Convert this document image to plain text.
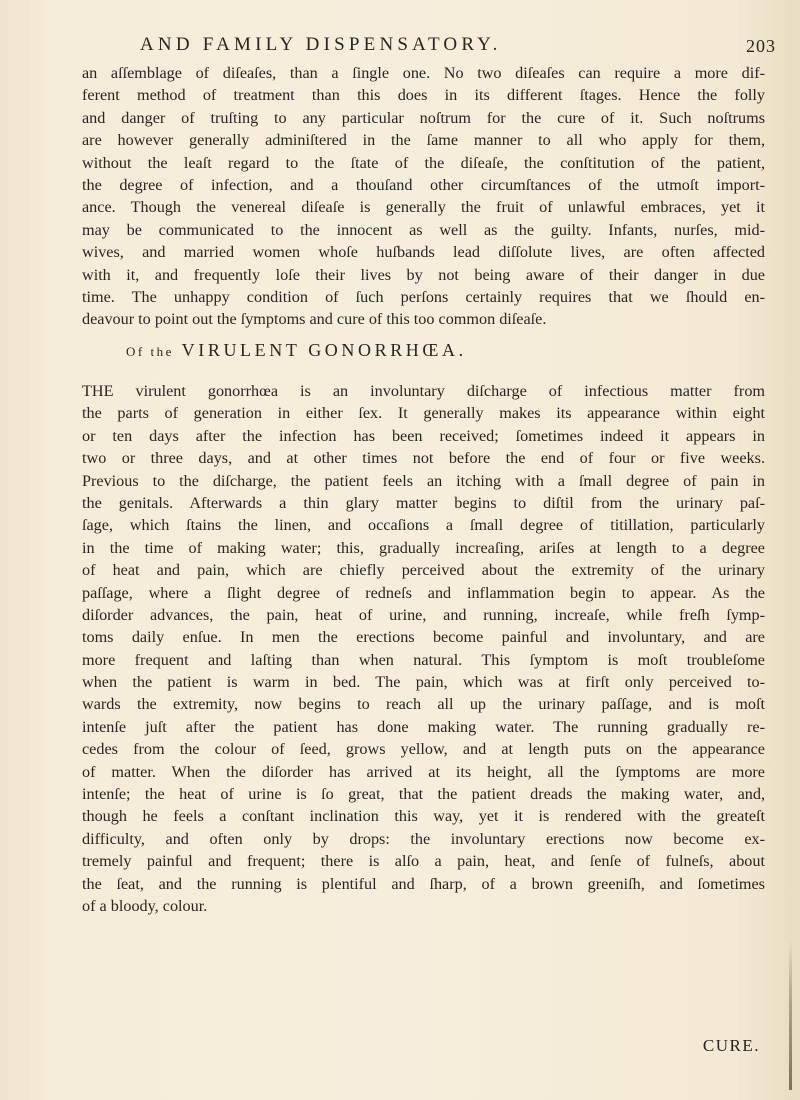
AND FAMILY DISPENSATORY.	203
an aſſemblage of diſeaſes, than a ſingle one. No two diſeaſes can require a more dif-
ferent method of treatment than this does in its different ſtages. Hence the folly
and danger of truſting to any particular noſtrum for the cure of it. Such noſtrums
are however generally adminiſtered in the ſame manner to all who apply for them,
without the leaſt regard to the ſtate of the diſeaſe, the conſtitution of the patient,
the degree of infection, and a thouſand other circumſtances of the utmoſt import-
ance. Though the venereal diſeaſe is generally the fruit of unlawful embraces, yet it
may be communicated to the innocent as well as the guilty. Infants, nurſes, mid-
wives, and married women whoſe huſbands lead diſſolute lives, are often affected
with it, and frequently loſe their lives by not being aware of their danger in due
time. The unhappy condition of ſuch perſons certainly requires that we ſhould en-
deavour to point out the ſymptoms and cure of this too common diſeaſe.
Of the VIRULENT GONORRHŒA.
THE virulent gonorrhœa is an involuntary diſcharge of infectious matter from
the parts of generation in either ſex. It generally makes its appearance within eight
or ten days after the infection has been received; ſometimes indeed it appears in
two or three days, and at other times not before the end of four or five weeks.
Previous to the diſcharge, the patient feels an itching with a ſmall degree of pain in
the genitals. Afterwards a thin glary matter begins to diſtil from the urinary paſ-
ſage, which ſtains the linen, and occaſions a ſmall degree of titillation, particularly
in the time of making water; this, gradually increaſing, ariſes at length to a degree
of heat and pain, which are chiefly perceived about the extremity of the urinary
paſſage, where a ſlight degree of redneſs and inflammation begin to appear. As the
diſorder advances, the pain, heat of urine, and running, increaſe, while freſh ſymp-
toms daily enſue. In men the erections become painful and involuntary, and are
more frequent and laſting than when natural. This ſymptom is moſt troubleſome
when the patient is warm in bed. The pain, which was at firſt only perceived to-
wards the extremity, now begins to reach all up the urinary paſſage, and is moſt
intenſe juſt after the patient has done making water. The running gradually re-
cedes from the colour of ſeed, grows yellow, and at length puts on the appearance
of matter. When the diſorder has arrived at its height, all the ſymptoms are more
intenſe; the heat of urine is ſo great, that the patient dreads the making water, and,
though he feels a conſtant inclination this way, yet it is rendered with the greateſt
difficulty, and often only by drops: the involuntary erections now become ex-
tremely painful and frequent; there is alſo a pain, heat, and ſenſe of fulneſs, about
the ſeat, and the running is plentiful and ſharp, of a brown greeniſh, and ſometimes
of a bloody, colour.
CURE.
